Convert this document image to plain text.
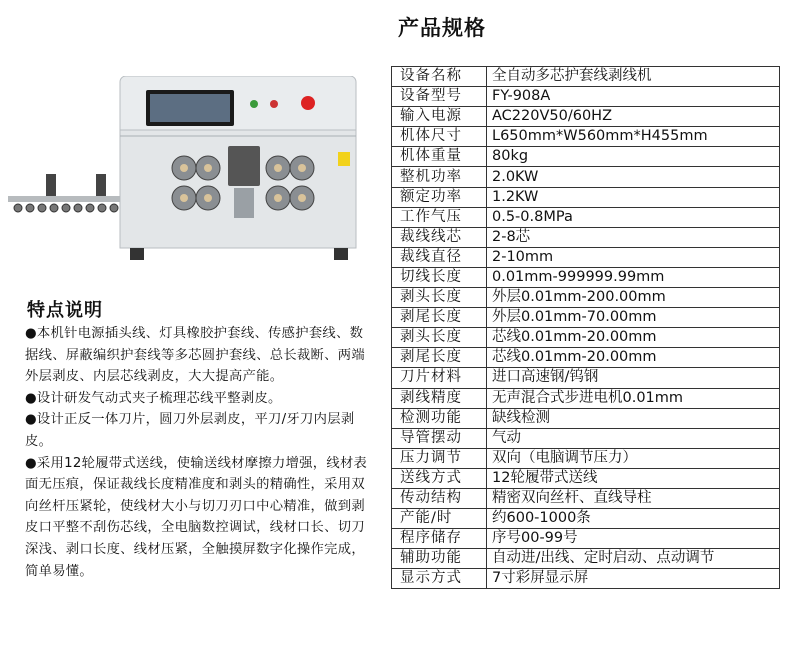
产品规格
设备名称	全自动多芯护套线剥线机
设备型号	FY-908A
输入电源	AC220V50/60HZ
机体尺寸	L650mm*W560mm*H455mm
机体重量	80kg
整机功率	2.0KW
额定功率	1.2KW
工作气压	0.5-0.8MPa
裁线线芯	2-8芯
裁线直径	2-10mm
切线长度	0.01mm-999999.99mm
剥头长度	外层0.01mm-200.00mm
剥尾长度	外层0.01mm-70.00mm
剥头长度	芯线0.01mm-20.00mm
剥尾长度	芯线0.01mm-20.00mm
刀片材料	进口高速钢/钨钢
剥线精度	无声混合式步进电机0.01mm
检测功能	缺线检测
导管摆动	气动
压力调节	双向（电脑调节压力）
送线方式	12轮履带式送线
传动结构	精密双向丝杆、直线导柱
产能/时	约600-1000条
程序储存	序号00-99号
辅助功能	自动进/出线、定时启动、点动调节
显示方式	7寸彩屏显示屏
特点说明

●本机针电源插头线、灯具橡胶护套线、传感护套线、数据线、屏蔽编织护套线等多芯圆护套线、总长裁断、两端外层剥皮、内层芯线剥皮，大大提高产能。

●设计研发气动式夹子梳理芯线平整剥皮。

●设计正反一体刀片，圆刀外层剥皮，平刀/牙刀内层剥皮。

●采用12轮履带式送线，使输送线材摩擦力增强，线材表面无压痕，保证裁线长度精准度和剥头的精确性，采用双向丝杆压紧轮，使线材大小与切刀刃口中心精准，做到剥皮口平整不刮伤芯线，全电脑数控调试，线材口长、切刀深浅、剥口长度、线材压紧，全触摸屏数字化操作完成，简单易懂。
